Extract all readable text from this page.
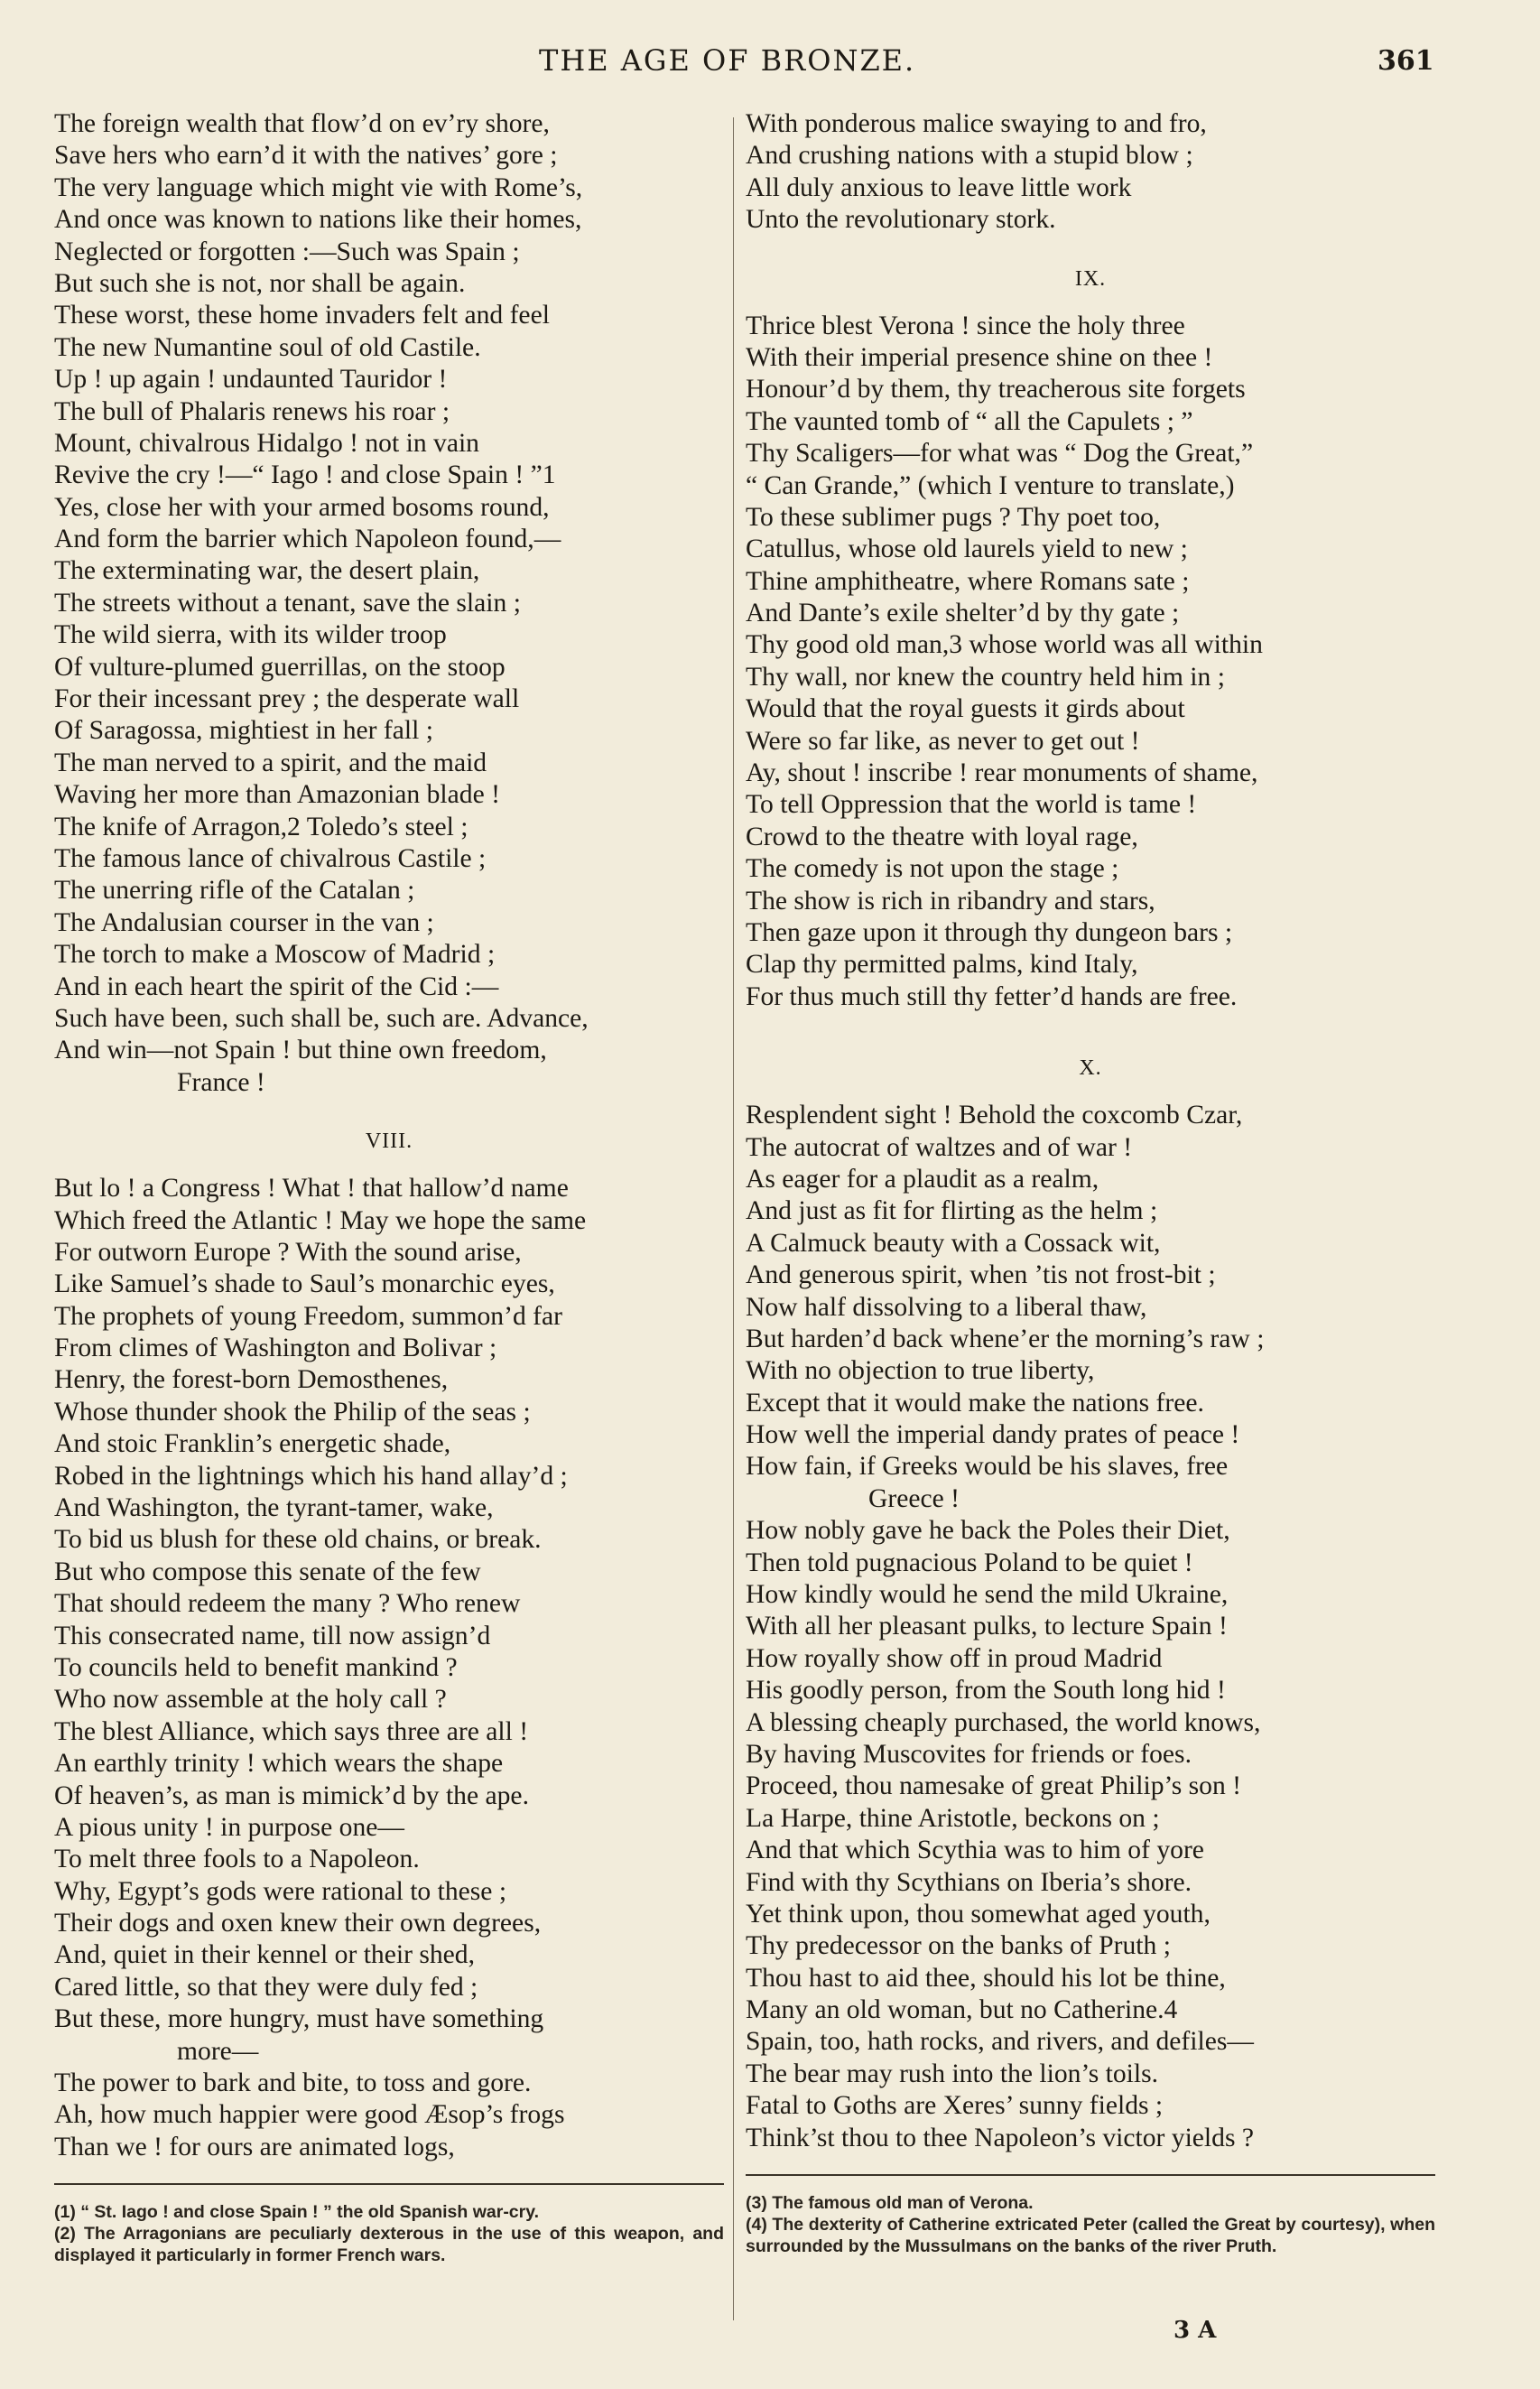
THE AGE OF BRONZE.	361
The foreign wealth that flow’d on ev’ry shore,
Save hers who earn’d it with the natives’ gore ;
The very language which might vie with Rome’s,
And once was known to nations like their homes,
Neglected or forgotten :—Such was Spain ;
But such she is not, nor shall be again.
These worst, these home invaders felt and feel
The new Numantine soul of old Castile.
Up ! up again ! undaunted Tauridor !
The bull of Phalaris renews his roar ;
Mount, chivalrous Hidalgo ! not in vain
Revive the cry !—“ Iago ! and close Spain ! ”1
Yes, close her with your armed bosoms round,
And form the barrier which Napoleon found,—
The exterminating war, the desert plain,
The streets without a tenant, save the slain ;
The wild sierra, with its wilder troop
Of vulture-plumed guerrillas, on the stoop
For their incessant prey ; the desperate wall
Of Saragossa, mightiest in her fall ;
The man nerved to a spirit, and the maid
Waving her more than Amazonian blade !
The knife of Arragon,2 Toledo’s steel ;
The famous lance of chivalrous Castile ;
The unerring rifle of the Catalan ;
The Andalusian courser in the van ;
The torch to make a Moscow of Madrid ;
And in each heart the spirit of the Cid :—
Such have been, such shall be, such are. Advance,
And win—not Spain ! but thine own freedom,
France !
VIII.
But lo ! a Congress ! What ! that hallow’d name
Which freed the Atlantic ! May we hope the same
For outworn Europe ? With the sound arise,
Like Samuel’s shade to Saul’s monarchic eyes,
The prophets of young Freedom, summon’d far
From climes of Washington and Bolivar ;
Henry, the forest-born Demosthenes,
Whose thunder shook the Philip of the seas ;
And stoic Franklin’s energetic shade,
Robed in the lightnings which his hand allay’d ;
And Washington, the tyrant-tamer, wake,
To bid us blush for these old chains, or break.
But who compose this senate of the few
That should redeem the many ? Who renew
This consecrated name, till now assign’d
To councils held to benefit mankind ?
Who now assemble at the holy call ?
The blest Alliance, which says three are all !
An earthly trinity ! which wears the shape
Of heaven’s, as man is mimick’d by the ape.
A pious unity ! in purpose one—
To melt three fools to a Napoleon.
Why, Egypt’s gods were rational to these ;
Their dogs and oxen knew their own degrees,
And, quiet in their kennel or their shed,
Cared little, so that they were duly fed ;
But these, more hungry, must have something
more—
The power to bark and bite, to toss and gore.
Ah, how much happier were good Æsop’s frogs
Than we ! for ours are animated logs,
(1) “ St. Iago ! and close Spain ! ” the old Spanish war-cry.
(2) The Arragonians are peculiarly dexterous in the use of this weapon, and displayed it particularly in former French wars.
With ponderous malice swaying to and fro,
And crushing nations with a stupid blow ;
All duly anxious to leave little work
Unto the revolutionary stork.
IX.
Thrice blest Verona ! since the holy three
With their imperial presence shine on thee !
Honour’d by them, thy treacherous site forgets
The vaunted tomb of “ all the Capulets ; ”
Thy Scaligers—for what was “ Dog the Great,”
“ Can Grande,” (which I venture to translate,)
To these sublimer pugs ? Thy poet too,
Catullus, whose old laurels yield to new ;
Thine amphitheatre, where Romans sate ;
And Dante’s exile shelter’d by thy gate ;
Thy good old man,3 whose world was all within
Thy wall, nor knew the country held him in ;
Would that the royal guests it girds about
Were so far like, as never to get out !
Ay, shout ! inscribe ! rear monuments of shame,
To tell Oppression that the world is tame !
Crowd to the theatre with loyal rage,
The comedy is not upon the stage ;
The show is rich in ribandry and stars,
Then gaze upon it through thy dungeon bars ;
Clap thy permitted palms, kind Italy,
For thus much still thy fetter’d hands are free.
X.
Resplendent sight ! Behold the coxcomb Czar,
The autocrat of waltzes and of war !
As eager for a plaudit as a realm,
And just as fit for flirting as the helm ;
A Calmuck beauty with a Cossack wit,
And generous spirit, when ’tis not frost-bit ;
Now half dissolving to a liberal thaw,
But harden’d back whene’er the morning’s raw ;
With no objection to true liberty,
Except that it would make the nations free.
How well the imperial dandy prates of peace !
How fain, if Greeks would be his slaves, free
Greece !
How nobly gave he back the Poles their Diet,
Then told pugnacious Poland to be quiet !
How kindly would he send the mild Ukraine,
With all her pleasant pulks, to lecture Spain !
How royally show off in proud Madrid
His goodly person, from the South long hid !
A blessing cheaply purchased, the world knows,
By having Muscovites for friends or foes.
Proceed, thou namesake of great Philip’s son !
La Harpe, thine Aristotle, beckons on ;
And that which Scythia was to him of yore
Find with thy Scythians on Iberia’s shore.
Yet think upon, thou somewhat aged youth,
Thy predecessor on the banks of Pruth ;
Thou hast to aid thee, should his lot be thine,
Many an old woman, but no Catherine.4
Spain, too, hath rocks, and rivers, and defiles—
The bear may rush into the lion’s toils.
Fatal to Goths are Xeres’ sunny fields ;
Think’st thou to thee Napoleon’s victor yields ?
(3) The famous old man of Verona.
(4) The dexterity of Catherine extricated Peter (called the Great by courtesy), when surrounded by the Mussulmans on the banks of the river Pruth.
3 A
